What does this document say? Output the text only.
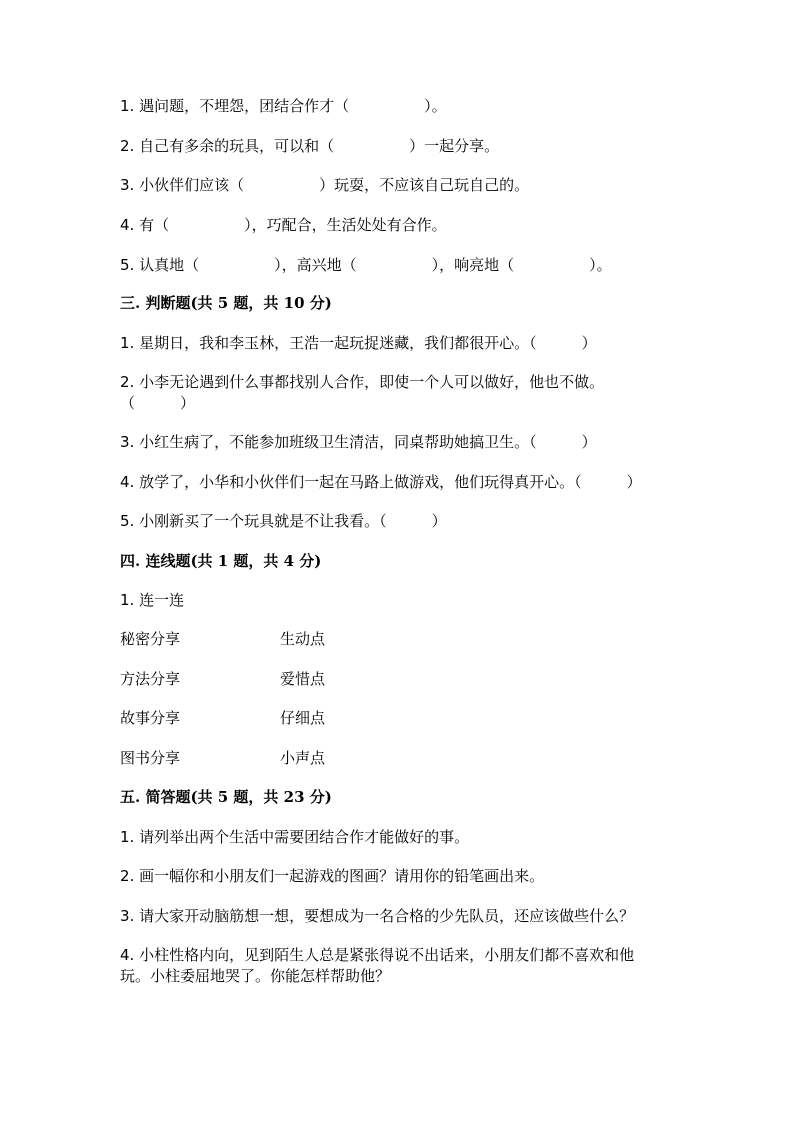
1. 遇问题，不埋怨，团结合作才（　　　　　）。
2. 自己有多余的玩具，可以和（　　　　　）一起分享。
3. 小伙伴们应该（　　　　　）玩耍，不应该自己玩自己的。
4. 有（　　　　　），巧配合，生活处处有合作。
5. 认真地（　　　　　），高兴地（　　　　　），响亮地（　　　　　）。
三. 判断题(共 5 题，共 10 分)
1. 星期日，我和李玉林，王浩一起玩捉迷藏，我们都很开心。（　　　）
2. 小李无论遇到什么事都找别人合作，即使一个人可以做好，他也不做。
（　　　）
3. 小红生病了，不能参加班级卫生清洁，同桌帮助她搞卫生。（　　　）
4. 放学了，小华和小伙伴们一起在马路上做游戏，他们玩得真开心。（　　　）
5. 小刚新买了一个玩具就是不让我看。（　　　）
四. 连线题(共 1 题，共 4 分)
1. 连一连
秘密分享	生动点
方法分享	爱惜点
故事分享	仔细点
图书分享	小声点
五. 简答题(共 5 题，共 23 分)
1. 请列举出两个生活中需要团结合作才能做好的事。
2. 画一幅你和小朋友们一起游戏的图画？请用你的铅笔画出来。
3. 请大家开动脑筋想一想，要想成为一名合格的少先队员，还应该做些什么？
4. 小柱性格内向，见到陌生人总是紧张得说不出话来，小朋友们都不喜欢和他
玩。小柱委屈地哭了。你能怎样帮助他？
